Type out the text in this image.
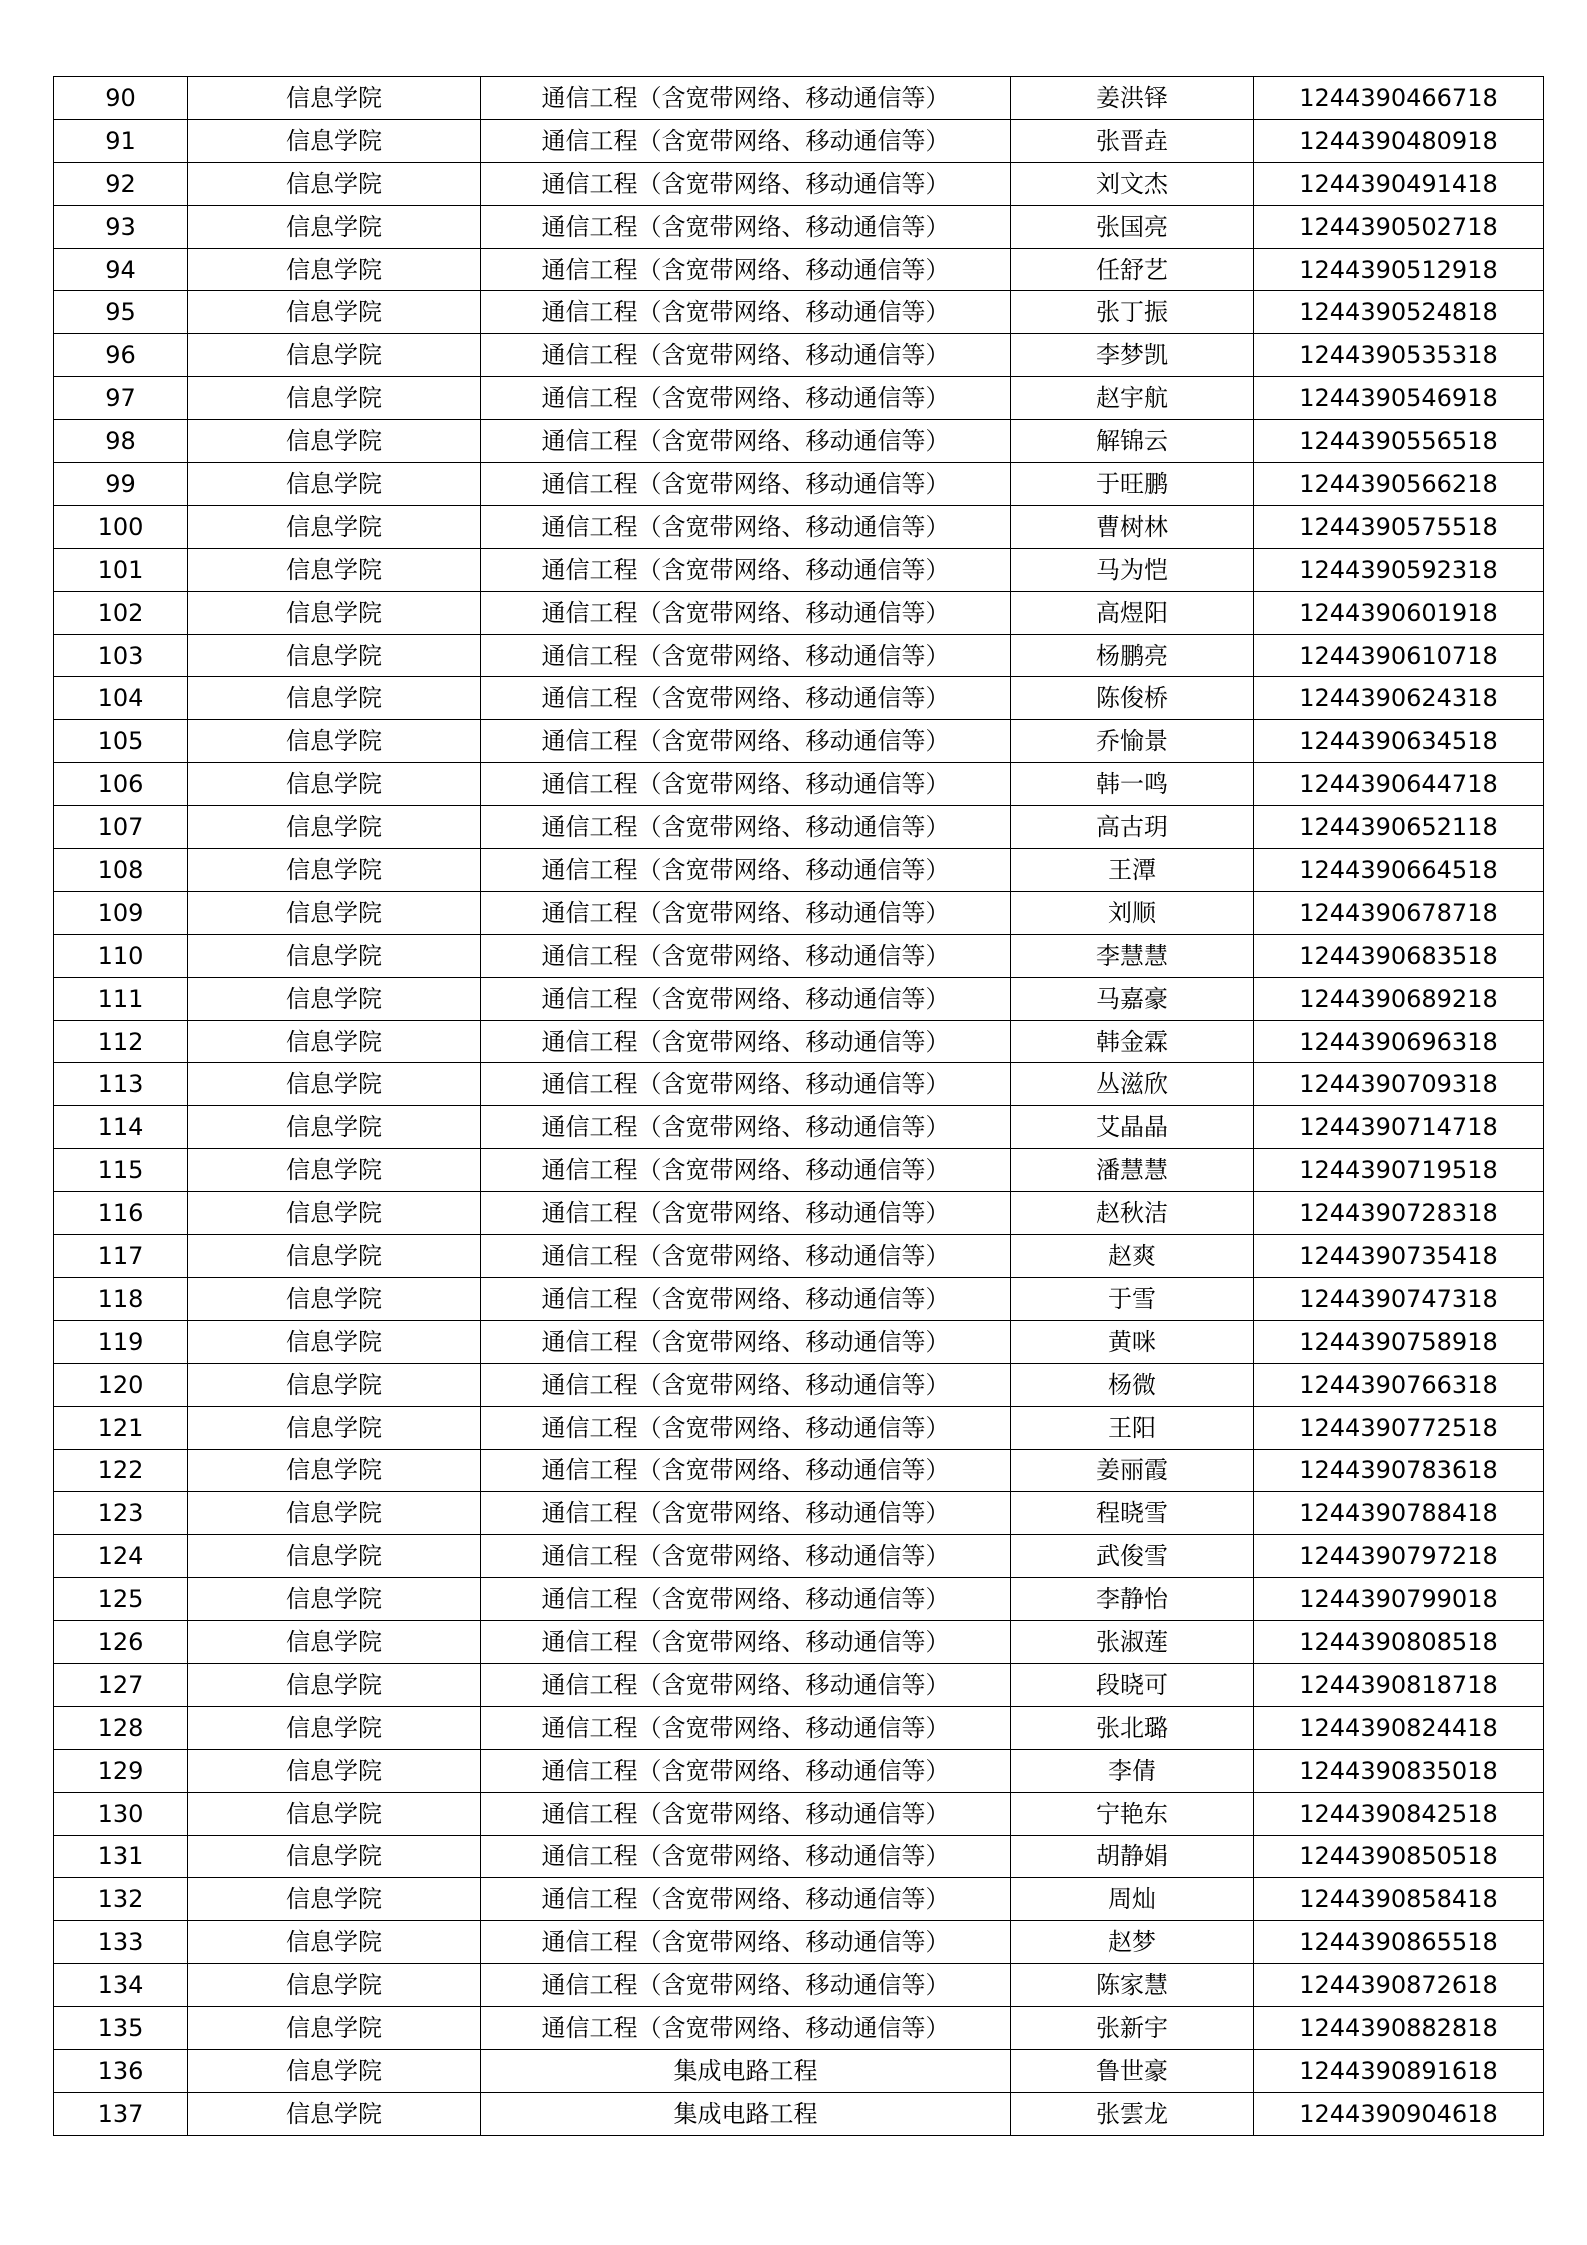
90	信息学院	通信工程（含宽带网络、移动通信等）	姜洪铎	1244390466718
91	信息学院	通信工程（含宽带网络、移动通信等）	张晋垚	1244390480918
92	信息学院	通信工程（含宽带网络、移动通信等）	刘文杰	1244390491418
93	信息学院	通信工程（含宽带网络、移动通信等）	张国亮	1244390502718
94	信息学院	通信工程（含宽带网络、移动通信等）	任舒艺	1244390512918
95	信息学院	通信工程（含宽带网络、移动通信等）	张丁振	1244390524818
96	信息学院	通信工程（含宽带网络、移动通信等）	李梦凯	1244390535318
97	信息学院	通信工程（含宽带网络、移动通信等）	赵宇航	1244390546918
98	信息学院	通信工程（含宽带网络、移动通信等）	解锦云	1244390556518
99	信息学院	通信工程（含宽带网络、移动通信等）	于旺鹏	1244390566218
100	信息学院	通信工程（含宽带网络、移动通信等）	曹树林	1244390575518
101	信息学院	通信工程（含宽带网络、移动通信等）	马为恺	1244390592318
102	信息学院	通信工程（含宽带网络、移动通信等）	高煜阳	1244390601918
103	信息学院	通信工程（含宽带网络、移动通信等）	杨鹏亮	1244390610718
104	信息学院	通信工程（含宽带网络、移动通信等）	陈俊桥	1244390624318
105	信息学院	通信工程（含宽带网络、移动通信等）	乔愉景	1244390634518
106	信息学院	通信工程（含宽带网络、移动通信等）	韩一鸣	1244390644718
107	信息学院	通信工程（含宽带网络、移动通信等）	高古玥	1244390652118
108	信息学院	通信工程（含宽带网络、移动通信等）	王潭	1244390664518
109	信息学院	通信工程（含宽带网络、移动通信等）	刘顺	1244390678718
110	信息学院	通信工程（含宽带网络、移动通信等）	李慧慧	1244390683518
111	信息学院	通信工程（含宽带网络、移动通信等）	马嘉豪	1244390689218
112	信息学院	通信工程（含宽带网络、移动通信等）	韩金霖	1244390696318
113	信息学院	通信工程（含宽带网络、移动通信等）	丛滋欣	1244390709318
114	信息学院	通信工程（含宽带网络、移动通信等）	艾晶晶	1244390714718
115	信息学院	通信工程（含宽带网络、移动通信等）	潘慧慧	1244390719518
116	信息学院	通信工程（含宽带网络、移动通信等）	赵秋洁	1244390728318
117	信息学院	通信工程（含宽带网络、移动通信等）	赵爽	1244390735418
118	信息学院	通信工程（含宽带网络、移动通信等）	于雪	1244390747318
119	信息学院	通信工程（含宽带网络、移动通信等）	黄咪	1244390758918
120	信息学院	通信工程（含宽带网络、移动通信等）	杨微	1244390766318
121	信息学院	通信工程（含宽带网络、移动通信等）	王阳	1244390772518
122	信息学院	通信工程（含宽带网络、移动通信等）	姜丽霞	1244390783618
123	信息学院	通信工程（含宽带网络、移动通信等）	程晓雪	1244390788418
124	信息学院	通信工程（含宽带网络、移动通信等）	武俊雪	1244390797218
125	信息学院	通信工程（含宽带网络、移动通信等）	李静怡	1244390799018
126	信息学院	通信工程（含宽带网络、移动通信等）	张淑莲	1244390808518
127	信息学院	通信工程（含宽带网络、移动通信等）	段晓可	1244390818718
128	信息学院	通信工程（含宽带网络、移动通信等）	张北璐	1244390824418
129	信息学院	通信工程（含宽带网络、移动通信等）	李倩	1244390835018
130	信息学院	通信工程（含宽带网络、移动通信等）	宁艳东	1244390842518
131	信息学院	通信工程（含宽带网络、移动通信等）	胡静娟	1244390850518
132	信息学院	通信工程（含宽带网络、移动通信等）	周灿	1244390858418
133	信息学院	通信工程（含宽带网络、移动通信等）	赵梦	1244390865518
134	信息学院	通信工程（含宽带网络、移动通信等）	陈家慧	1244390872618
135	信息学院	通信工程（含宽带网络、移动通信等）	张新宇	1244390882818
136	信息学院	集成电路工程	鲁世豪	1244390891618
137	信息学院	集成电路工程	张雲龙	1244390904618
